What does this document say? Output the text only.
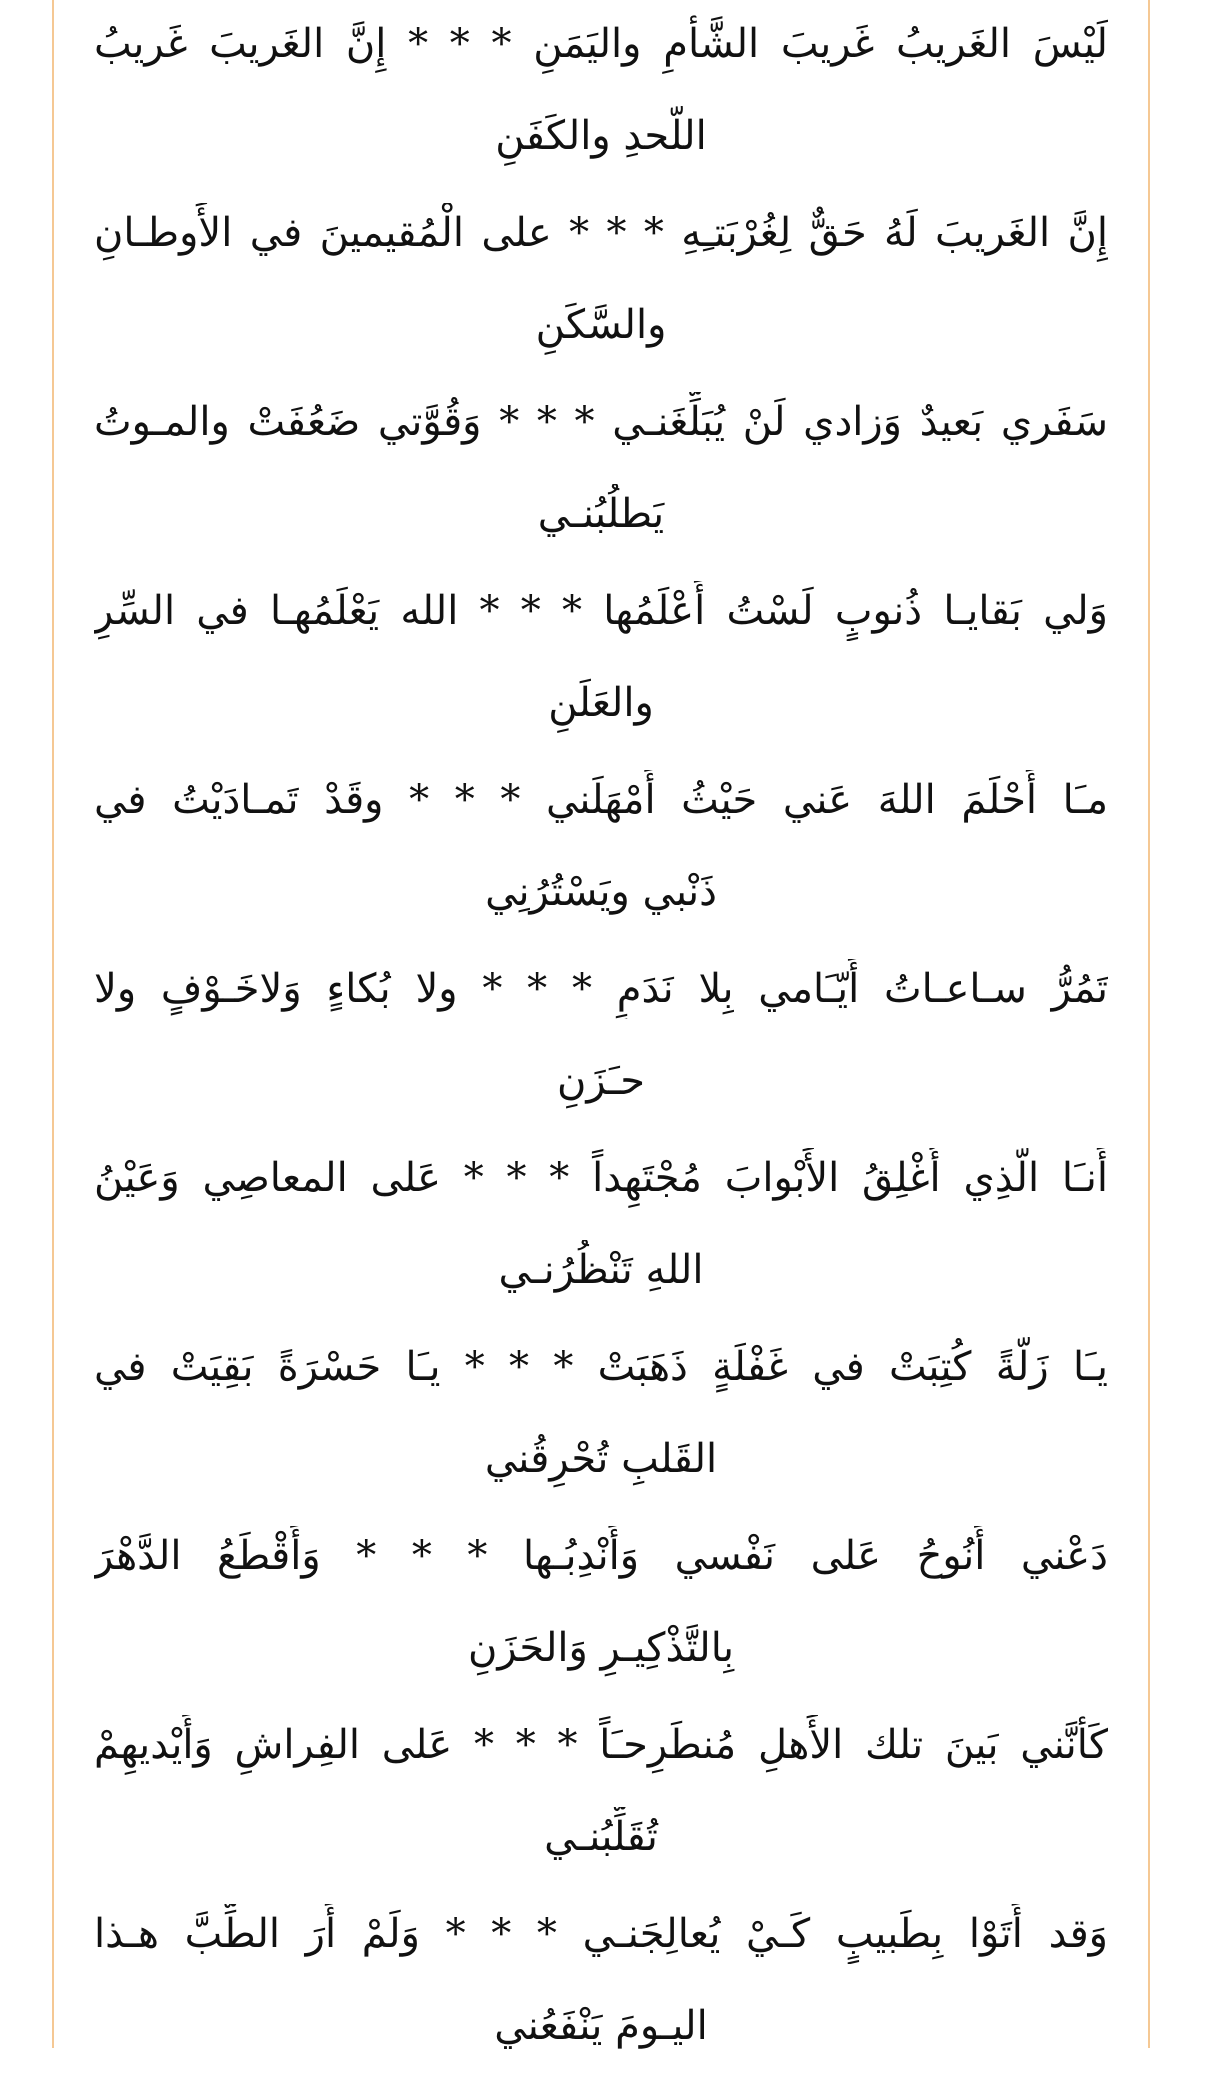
لَيْسَ الغَريبُ غَريبَ الشَّأمِ واليَمَنِ * * * إِنَّ الغَريبَ غَريبُ
اللَّحدِ والكَفَنِ
إِنَّ الغَريبَ لَهُ حَقٌّ لِغُرْبَتـِهِ * * * على الْمُقيمينَ في الأَوطـانِ
والسَّكَنِ
سَفَري بَعيدٌ وَزادي لَنْ يُبَلِّغَنـي * * * وَقُوَّتي ضَعُفَتْ والمـوتُ
يَطلُبُنـي
وَلي بَقايـا ذُنوبٍ لَسْتُ أَعْلَمُها * * * الله يَعْلَمُهـا في السِّرِ
والعَلَنِ
مـَا أَحْلَمَ اللهَ عَني حَيْثُ أَمْهَلَني * * * وقَدْ تَمـادَيْتُ في
ذَنْبي ويَسْتُرُنِي
تَمُرُّ سـاعـاتُ أَيّـَامي بِلا نَدَمٍ * * * ولا بُكاءٍ وَلاخَـوْفٍ ولا
حـَزَنِ
أَنـَا الَّذِي أُغْلِقُ الأَبْوابَ مُجْتَهِداً * * * عَلى المعاصِي وَعَيْنُ
اللهِ تَنْظُرُنـي
يـَا زَلَّةً كُتِبَتْ في غَفْلَةٍ ذَهَبَتْ * * * يـَا حَسْرَةً بَقِيَتْ في
القَلبِ تُحْرِقُني
دَعْني أَنُوحُ عَلى نَفْسي وَأَنْدِبُـها * * * وَأَقْطَعُ الدَّهْرَ
بِالتَّذْكِيـرِ وَالحَزَنِ
كَأَنَّني بَينَ تلك الأَهلِ مُنطَرِحـَاً * * * عَلى الفِراشِ وَأَيْديهِمْ
تُقَلِّبُنـي
وَقد أَتَوْا بِطَبيبٍ كَـيْ يُعالِجَنـي * * * وَلَمْ أَرَ الطِّبَّ هـذا
اليـومَ يَنْفَعُني
